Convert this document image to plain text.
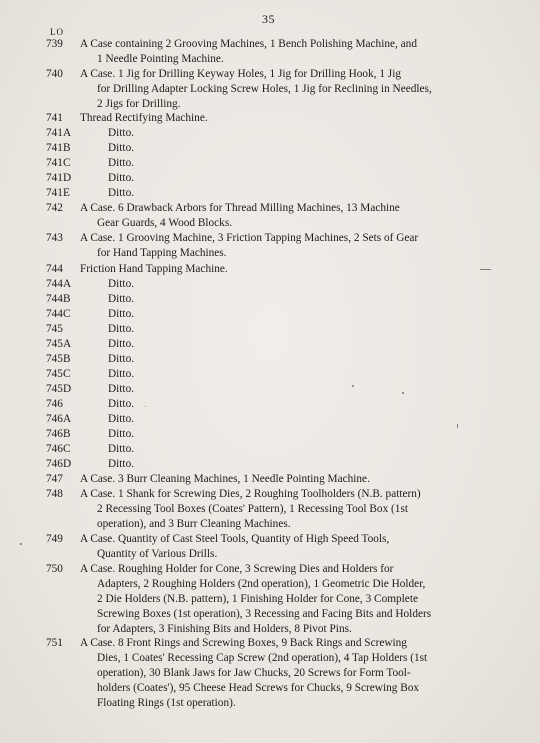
35
LO
739	A Case containing 2 Grooving Machines, 1 Bench Polishing Machine, and
1 Needle Pointing Machine.
740	A Case. 1 Jig for Drilling Keyway Holes, 1 Jig for Drilling Hook, 1 Jig
for Drilling Adapter Locking Screw Holes, 1 Jig for Reclining in Needles,
2 Jigs for Drilling.
741	Thread Rectifying Machine.
741A	Ditto.
741B	Ditto.
741C	Ditto.
741D	Ditto.
741E	Ditto.
742	A Case. 6 Drawback Arbors for Thread Milling Machines, 13 Machine
Gear Guards, 4 Wood Blocks.
743	A Case. 1 Grooving Machine, 3 Friction Tapping Machines, 2 Sets of Gear
for Hand Tapping Machines.
744	Friction Hand Tapping Machine.
744A	Ditto.
744B	Ditto.
744C	Ditto.
745	Ditto.
745A	Ditto.
745B	Ditto.
745C	Ditto.
745D	Ditto.
746	Ditto.
746A	Ditto.
746B	Ditto.
746C	Ditto.
746D	Ditto.
747	A Case. 3 Burr Cleaning Machines, 1 Needle Pointing Machine.
748	A Case. 1 Shank for Screwing Dies, 2 Roughing Toolholders (N.B. pattern)
2 Recessing Tool Boxes (Coates' Pattern), 1 Recessing Tool Box (1st
operation), and 3 Burr Cleaning Machines.
749	A Case. Quantity of Cast Steel Tools, Quantity of High Speed Tools,
Quantity of Various Drills.
750	A Case. Roughing Holder for Cone, 3 Screwing Dies and Holders for
Adapters, 2 Roughing Holders (2nd operation), 1 Geometric Die Holder,
2 Die Holders (N.B. pattern), 1 Finishing Holder for Cone, 3 Complete
Screwing Boxes (1st operation), 3 Recessing and Facing Bits and Holders
for Adapters, 3 Finishing Bits and Holders, 8 Pivot Pins.
751	A Case. 8 Front Rings and Screwing Boxes, 9 Back Rings and Screwing
Dies, 1 Coates' Recessing Cap Screw (2nd operation), 4 Tap Holders (1st
operation), 30 Blank Jaws for Jaw Chucks, 20 Screws for Form Tool-
holders (Coates'), 95 Cheese Head Screws for Chucks, 9 Screwing Box
Floating Rings (1st operation).
—
